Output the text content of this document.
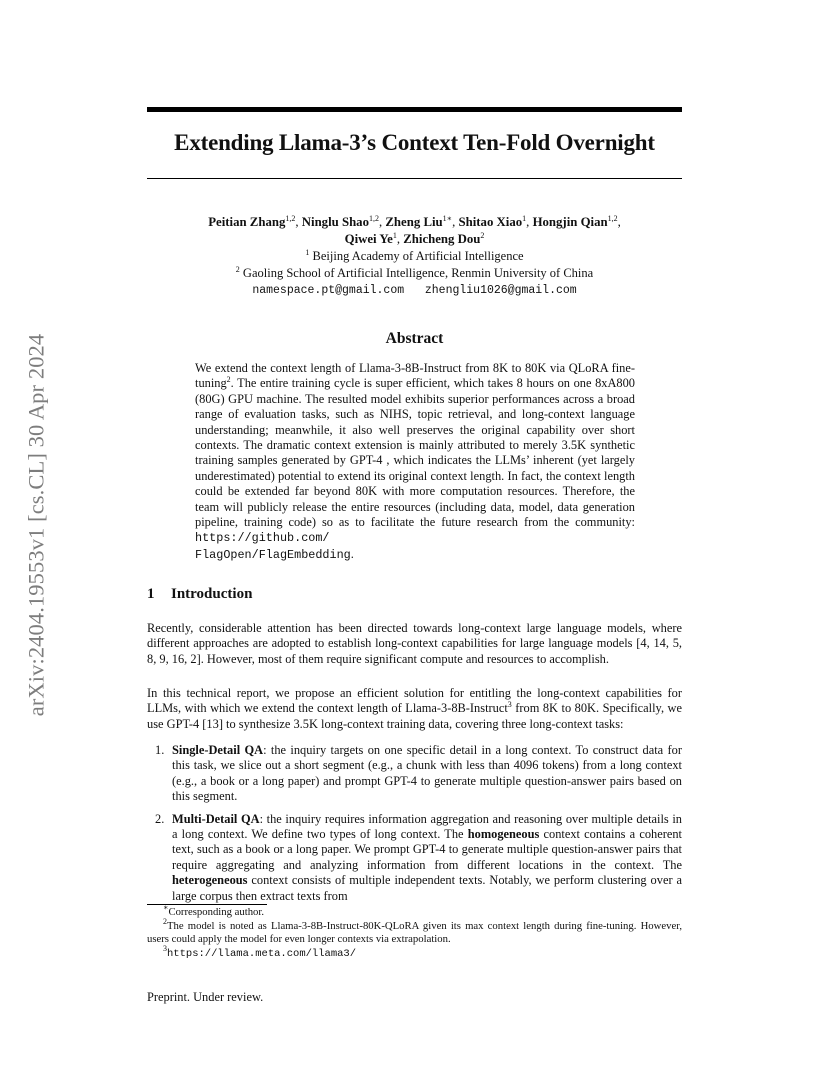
arXiv:2404.19553v1 [cs.CL] 30 Apr 2024
Extending Llama-3’s Context Ten-Fold Overnight
Peitian Zhang$^{1,2}$, Ninglu Shao$^{1,2}$, Zheng Liu$^{1∗}$, Shitao Xiao$^1$, Hongjin Qian$^{1,2}$,
Qiwei Ye$^1$, Zhicheng Dou$^2$
$^1$ Beijing Academy of Artificial Intelligence
$^2$ Gaoling School of Artificial Intelligence, Renmin University of China
namespace.pt@gmail.com zhengliu1026@gmail.com
Abstract

We extend the context length of Llama-3-8B-Instruct from 8K to 80K via QLoRA fine-tuning$^2$. The entire training cycle is super efficient, which takes 8 hours on one 8xA800 (80G) GPU machine. The resulted model exhibits superior performances across a broad range of evaluation tasks, such as NIHS, topic retrieval, and long-context language understanding; meanwhile, it also well preserves the original capability over short contexts. The dramatic context extension is mainly attributed to merely 3.5K synthetic training samples generated by GPT-4 , which indicates the LLMs’ inherent (yet largely underestimated) potential to extend its original context length. In fact, the context length could be extended far beyond 80K with more computation resources. Therefore, the team will publicly release the entire resources (including data, model, data generation pipeline, training code) so as to facilitate the future research from the community: https://github.com/
FlagOpen/FlagEmbedding.

1 Introduction

Recently, considerable attention has been directed towards long-context large language models, where different approaches are adopted to establish long-context capabilities for large language models [4, 14, 5, 8, 9, 16, 2]. However, most of them require significant compute and resources to accomplish.

In this technical report, we propose an efficient solution for entitling the long-context capabilities for LLMs, with which we extend the context length of Llama-3-8B-Instruct$^3$ from 8K to 80K. Specifically, we use GPT-4 [13] to synthesize 3.5K long-context training data, covering three long-context tasks:

1. Single-Detail QA: the inquiry targets on one specific detail in a long context. To construct data for this task, we slice out a short segment (e.g., a chunk with less than 4096 tokens) from a long context (e.g., a book or a long paper) and prompt GPT-4 to generate multiple question-answer pairs based on this segment.
2. Multi-Detail QA: the inquiry requires information aggregation and reasoning over multiple details in a long context. We define two types of long context. The homogeneous context contains a coherent text, such as a book or a long paper. We prompt GPT-4 to generate multiple question-answer pairs that require aggregating and analyzing information from different locations in the context. The heterogeneous context consists of multiple independent texts. Notably, we perform clustering over a large corpus then extract texts from

∗Corresponding author.

$^2$The model is noted as Llama-3-8B-Instruct-80K-QLoRA given its max context length during fine-tuning. However, users could apply the model for even longer contexts via extrapolation.

$^3$https://llama.meta.com/llama3/

Preprint. Under review.
